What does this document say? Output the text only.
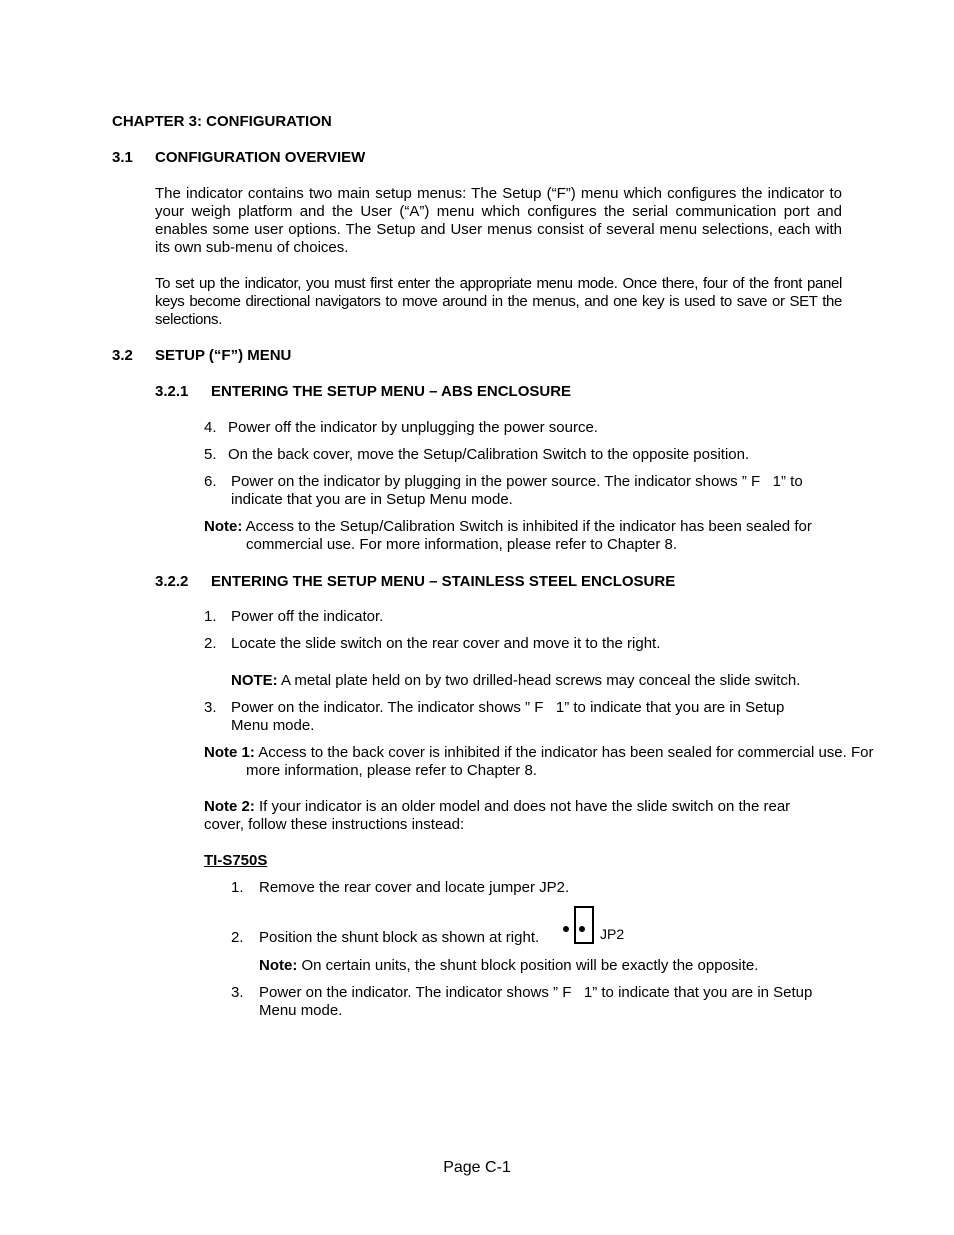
CHAPTER 3: CONFIGURATION
3.1 CONFIGURATION OVERVIEW
The indicator contains two main setup menus: The Setup (“F”) menu which configures the indicator to your weigh platform and the User (“A”) menu which configures the serial communication port and enables some user options. The Setup and User menus consist of several menu selections, each with its own sub-menu of choices.
To set up the indicator, you must first enter the appropriate menu mode. Once there, four of the front panel keys become directional navigators to move around in the menus, and one key is used to save or SET the selections.
3.2 SETUP (“F”) MENU
3.2.1 ENTERING THE SETUP MENU – ABS ENCLOSURE
4. Power off the indicator by unplugging the power source.
5. On the back cover, move the Setup/Calibration Switch to the opposite position.
6. Power on the indicator by plugging in the power source. The indicator shows ” F   1” to indicate that you are in Setup Menu mode.
Note: Access to the Setup/Calibration Switch is inhibited if the indicator has been sealed for commercial use. For more information, please refer to Chapter 8.
3.2.2 ENTERING THE SETUP MENU – STAINLESS STEEL ENCLOSURE
1. Power off the indicator.
2. Locate the slide switch on the rear cover and move it to the right.
NOTE: A metal plate held on by two drilled-head screws may conceal the slide switch.
3. Power on the indicator. The indicator shows ” F   1” to indicate that you are in Setup Menu mode.
Note 1: Access to the back cover is inhibited if the indicator has been sealed for commercial use. For more information, please refer to Chapter 8.
Note 2: If your indicator is an older model and does not have the slide switch on the rear cover, follow these instructions instead:
TI-S750S
1. Remove the rear cover and locate jumper JP2.
2. Position the shunt block as shown at right.	JP2
Note: On certain units, the shunt block position will be exactly the opposite.
3.	Power on the indicator. The indicator shows ” F   1” to indicate that you are in Setup Menu mode.
Page C-1
